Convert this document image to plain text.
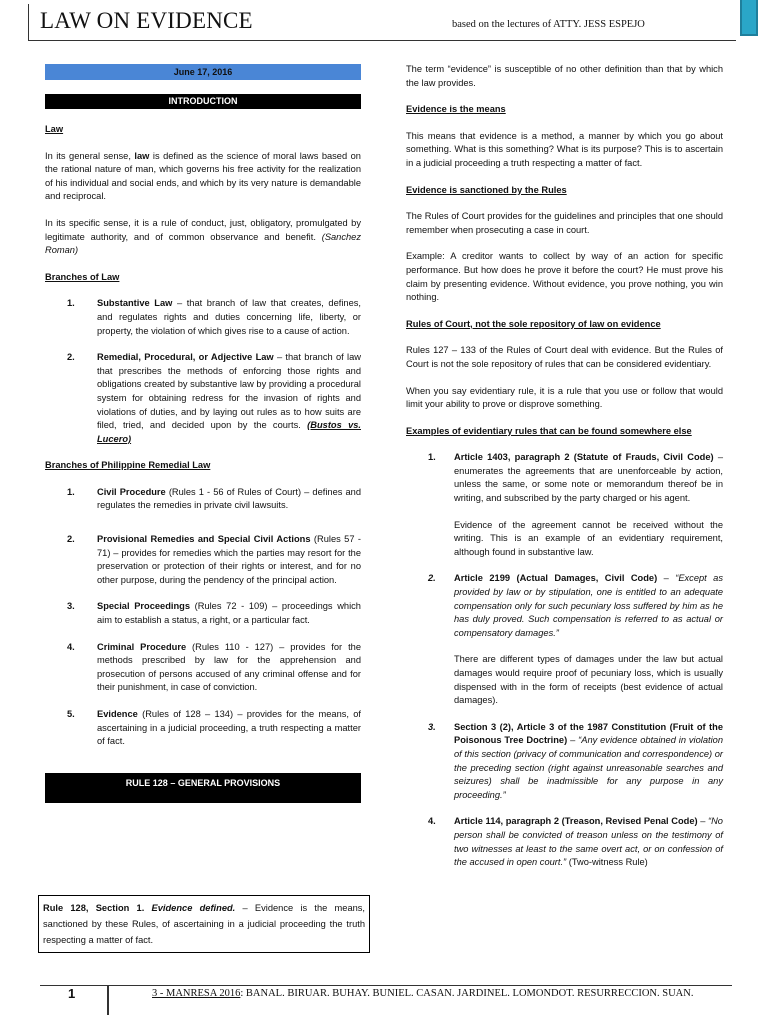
LAW ON EVIDENCE	based on the lectures of ATTY. JESS ESPEJO
June 17, 2016
INTRODUCTION

Law

In its general sense, law is defined as the science of moral laws based on the rational nature of man, which governs his free activity for the realization of his individual and social ends, and which by its very nature is demandable and reciprocal.

In its specific sense, it is a rule of conduct, just, obligatory, promulgated by legitimate authority, and of common observance and benefit. (Sanchez Roman)

Branches of Law

1.	Substantive Law – that branch of law that creates, defines, and regulates rights and duties concerning life, liberty, or property, the violation of which gives rise to a cause of action.
2.	Remedial, Procedural, or Adjective Law – that branch of law that prescribes the methods of enforcing those rights and obligations created by substantive law by providing a procedural system for obtaining redress for the invasion of rights and violations of duties, and by laying out rules as to how suits are filed, tried, and decided upon by the courts. (Bustos vs. Lucero)

Branches of Philippine Remedial Law

1.	Civil Procedure (Rules 1 - 56 of Rules of Court) – defines and regulates the remedies in private civil lawsuits.
2.	Provisional Remedies and Special Civil Actions (Rules 57 - 71) – provides for remedies which the parties may resort for the preservation or protection of their rights or interest, and for no other purpose, during the pendency of the principal action.
3.	Special Proceedings (Rules 72 - 109) – proceedings which aim to establish a status, a right, or a particular fact.
4.	Criminal Procedure (Rules 110 - 127) – provides for the methods prescribed by law for the apprehension and prosecution of persons accused of any criminal offense and for their punishment, in case of conviction.
5.	Evidence (Rules of 128 – 134) – provides for the means, of ascertaining in a judicial proceeding, a truth respecting a matter of fact.
RULE 128 – GENERAL PROVISIONS
Rule 128, Section 1. Evidence defined. – Evidence is the means, sanctioned by these Rules, of ascertaining in a judicial proceeding the truth respecting a matter of fact.

The term “evidence” is susceptible of no other definition than that by which the law provides.

Evidence is the means

This means that evidence is a method, a manner by which you go about something. What is this something? What is its purpose? This is to ascertain in a judicial proceeding a truth respecting a matter of fact.

Evidence is sanctioned by the Rules

The Rules of Court provides for the guidelines and principles that one should remember when prosecuting a case in court.

Example: A creditor wants to collect by way of an action for specific performance. But how does he prove it before the court? He must prove his claim by presenting evidence. Without evidence, you prove nothing, you win nothing.

Rules of Court, not the sole repository of law on evidence

Rules 127 – 133 of the Rules of Court deal with evidence. But the Rules of Court is not the sole repository of rules that can be considered evidentiary.

When you say evidentiary rule, it is a rule that you use or follow that would limit your ability to prove or disprove something.

Examples of evidentiary rules that can be found somewhere else

1.	Article 1403, paragraph 2 (Statute of Frauds, Civil Code) – enumerates the agreements that are unenforceable by action, unless the same, or some note or memorandum thereof be in writing, and subscribed by the party charged or his agent.
Evidence of the agreement cannot be received without the writing. This is an example of an evidentiary requirement, although found in substantive law.
2.	Article 2199 (Actual Damages, Civil Code) – “Except as provided by law or by stipulation, one is entitled to an adequate compensation only for such pecuniary loss suffered by him as he has duly proved. Such compensation is referred to as actual or compensatory damages.”
There are different types of damages under the law but actual damages would require proof of pecuniary loss, which is usually dispensed with in the form of receipts (best evidence of actual damages).
3.	Section 3 (2), Article 3 of the 1987 Constitution (Fruit of the Poisonous Tree Doctrine) – “Any evidence obtained in violation of this section (privacy of communication and correspondence) or the preceding section (right against unreasonable searches and seizures) shall be inadmissible for any purpose in any proceeding.”
4.	Article 114, paragraph 2 (Treason, Revised Penal Code) – “No person shall be convicted of treason unless on the testimony of two witnesses at least to the same overt act, or on confession of the accused in open court.” (Two-witness Rule)
1	3 - MANRESA 2016: BANAL. BIRUAR. BUHAY. BUNIEL. CASAN. JARDINEL. LOMONDOT. RESURRECCION. SUAN.
